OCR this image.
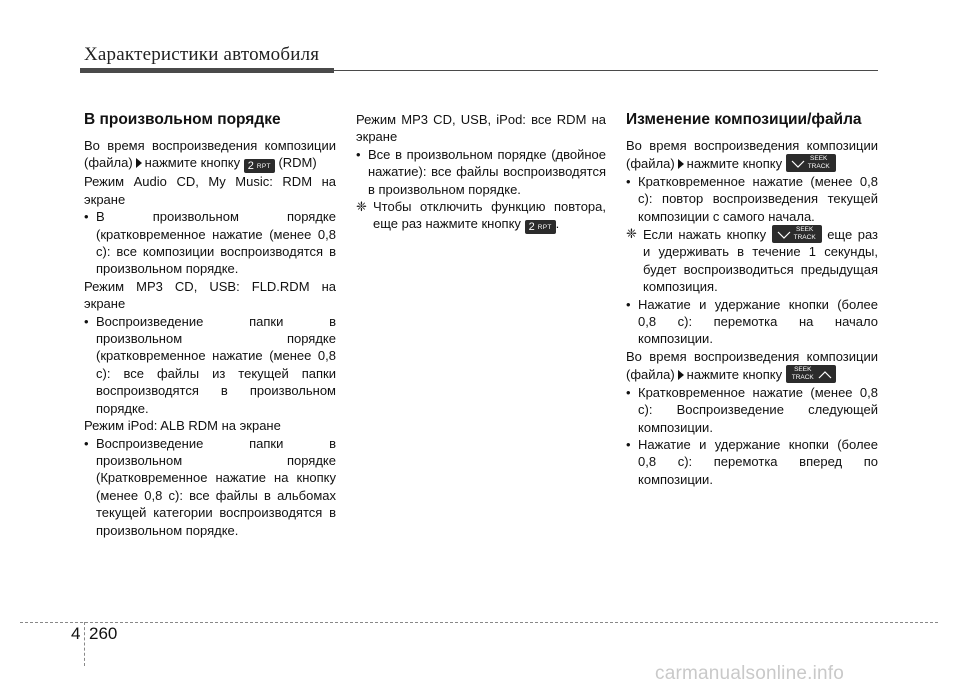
Характеристики автомобиля
В произвольном порядке

Во время воспроизведения композиции

(файла) нажмите кнопку 2 RPT (RDM)

Режим Audio CD, My Music: RDM на экране

• В произвольном порядке (кратковременное нажатие (менее 0,8 с): все композиции воспроизводятся в произвольном порядке.

Режим MP3 CD, USB: FLD.RDM на экране

• Воспроизведение папки в произвольном порядке (кратковременное нажатие (менее 0,8 с): все файлы из текущей папки воспроизводятся в произвольном порядке.

Режим iPod: ALB RDM на экране

• Воспроизведение папки в произвольном порядке (Кратковременное нажатие на кнопку (менее 0,8 с): все файлы в альбомах текущей категории воспроизводятся в произвольном порядке.

Режим MP3 CD, USB, iPod: все RDM на экране

• Все в произвольном порядке (двойное нажатие): все файлы воспроизводятся в произвольном порядке.

❈ Чтобы отключить функцию повтора, еще раз нажмите кнопку 2 RPT .

Изменение композиции/файла

Во время воспроизведения композиции

(файла) нажмите кнопку	SEEK
TRACK

• Кратковременное нажатие (менее 0,8 с): повтор воспроизведения текущей композиции с самого начала.

❈ Если нажать кнопку	SEEK
TRACK еще раз и удерживать в течение 1 секунды, будет воспроизводиться предыдущая композиция.

• Нажатие и удержание кнопки (более 0,8 с): перемотка на начало композиции.

Во время воспроизведения композиции

(файла) нажмите кнопку	SEEK
TRACK

• Кратковременное нажатие (менее 0,8 с): Воспроизведение следующей композиции.

• Нажатие и удержание кнопки (более 0,8 с): перемотка вперед по композиции.

4 260
carmanualsonline.info
